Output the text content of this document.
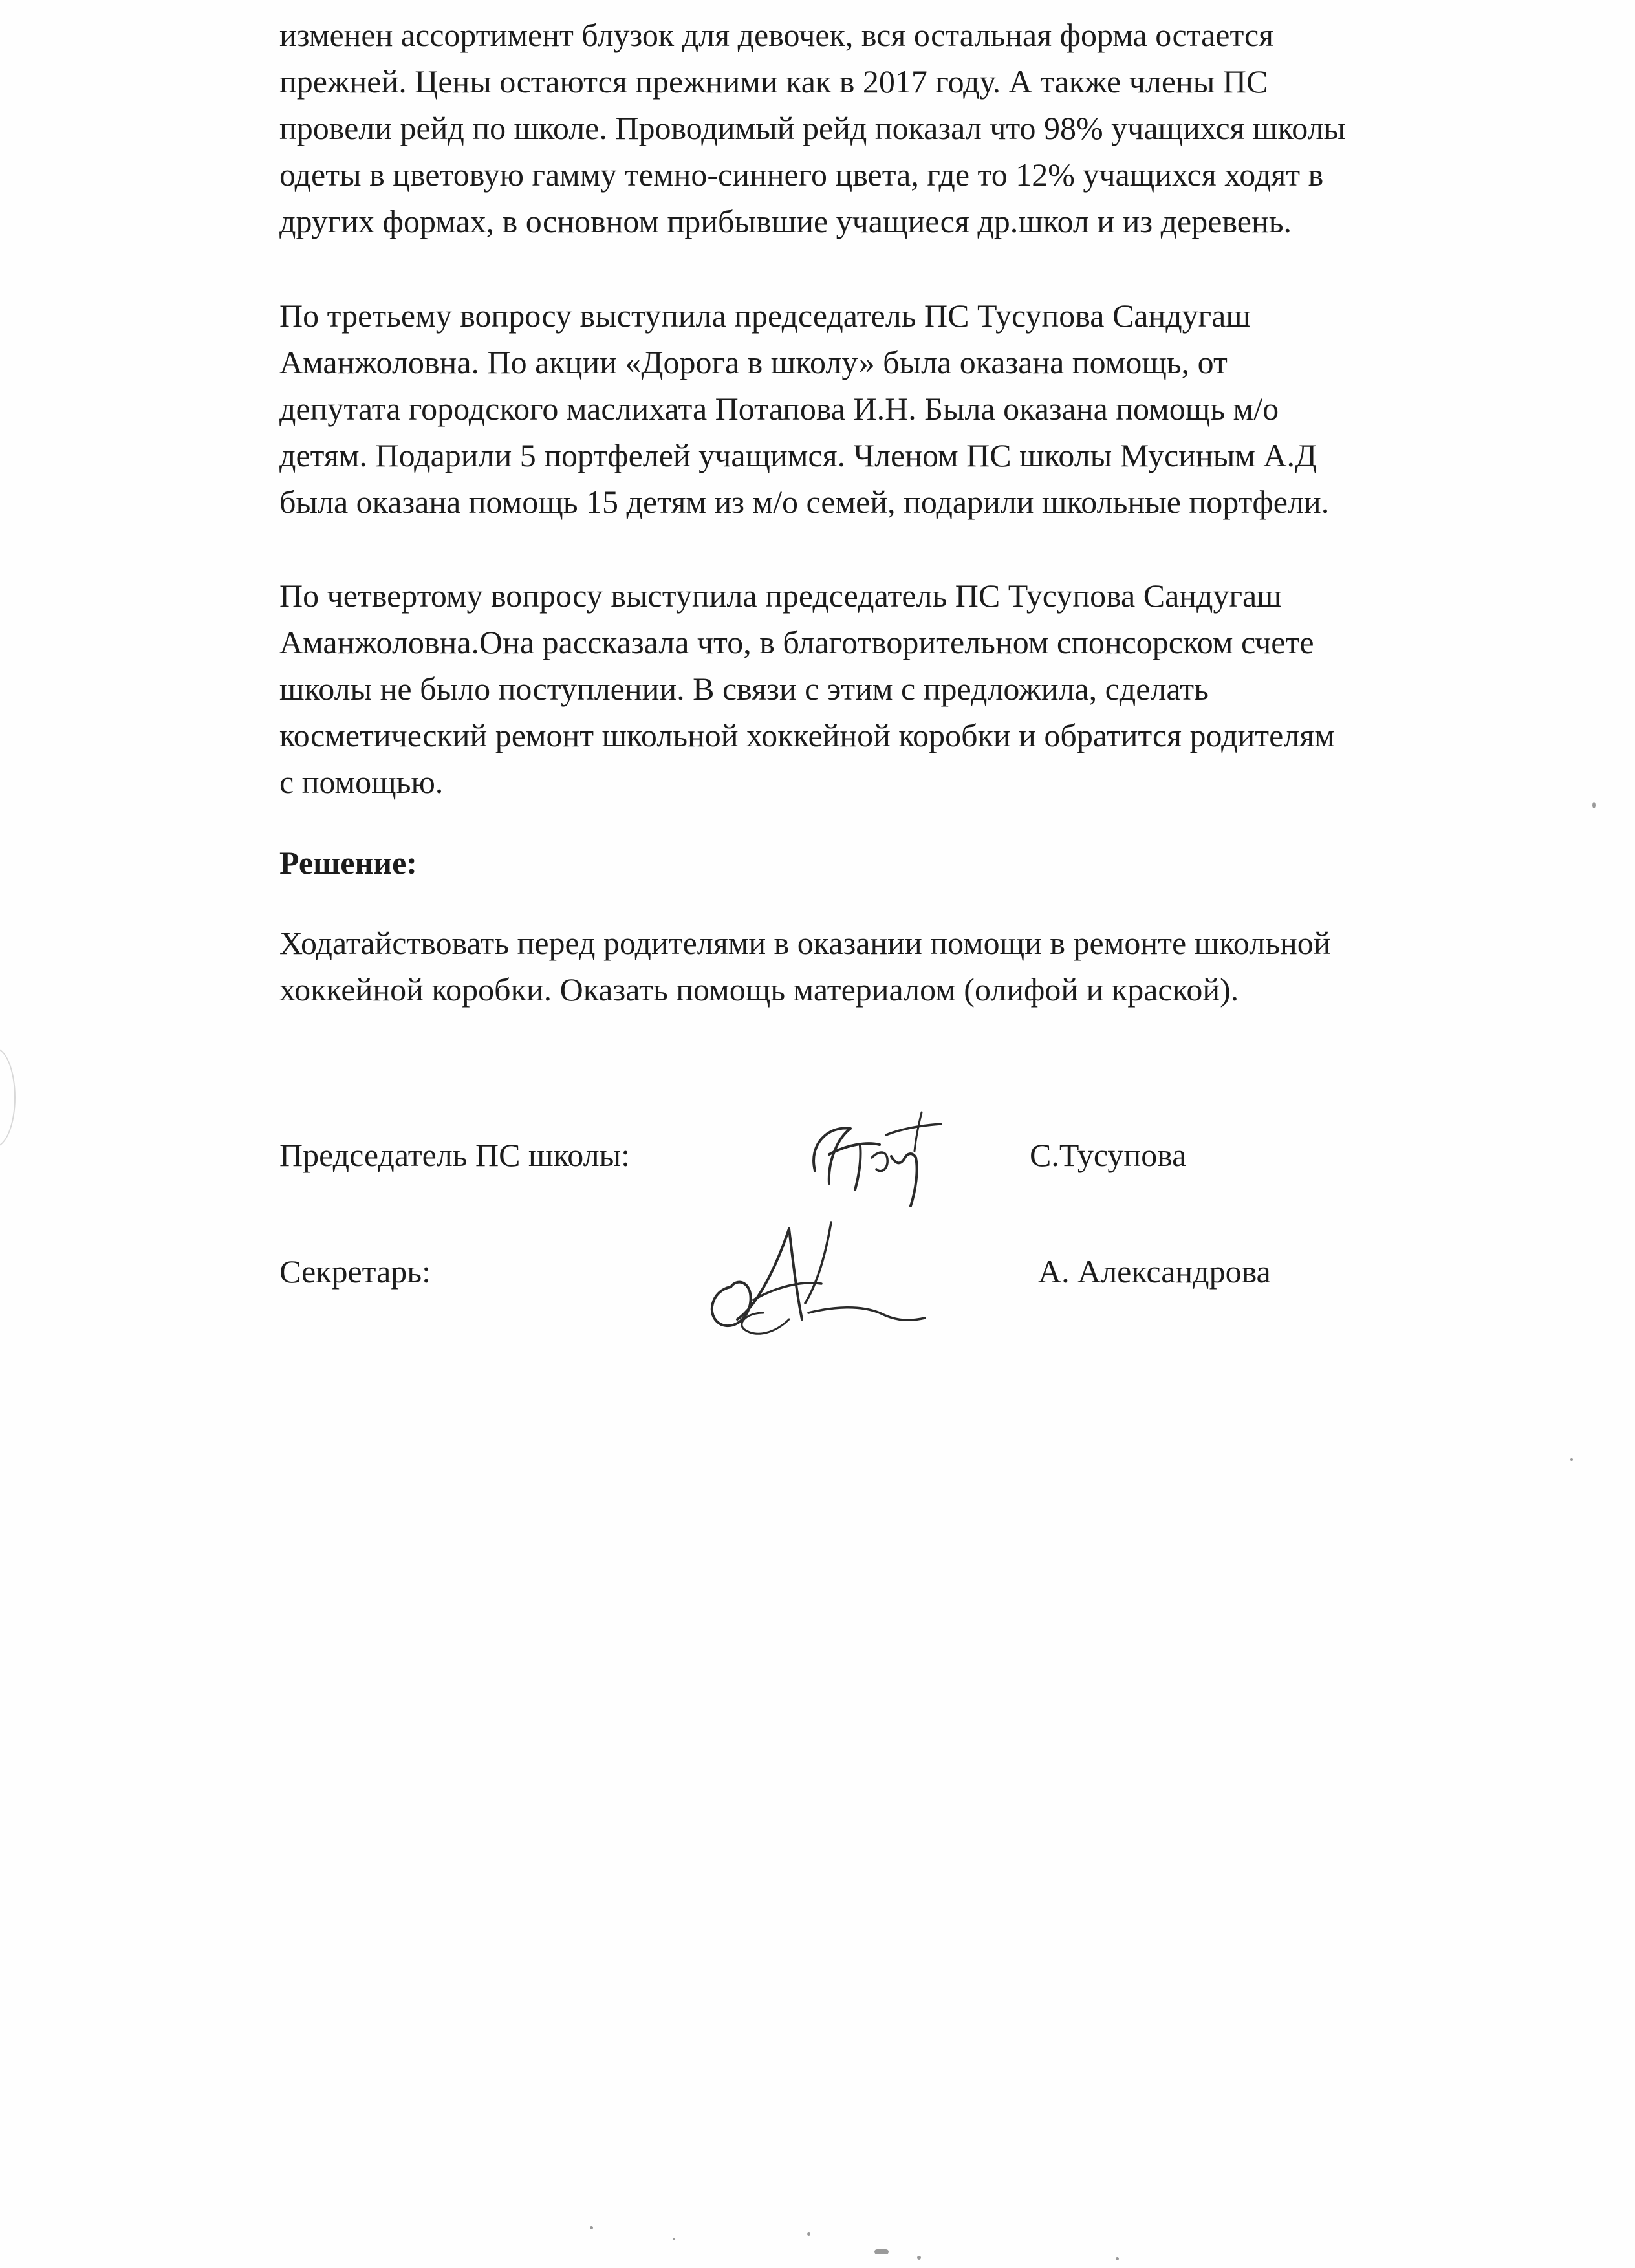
изменен ассортимент блузок для девочек, вся остальная форма остается
прежней. Цены остаются прежними как в 2017 году. А также члены ПС
провели рейд по школе. Проводимый рейд показал что 98% учащихся школы
одеты в цветовую гамму темно-синнего цвета, где то 12% учащихся ходят в
других формах, в основном прибывшие учащиеся др.школ и из деревень.

По третьему вопросу выступила председатель ПС Тусупова Сандугаш
Аманжоловна. По акции «Дорога в школу» была оказана помощь, от
депутата городского маслихата Потапова И.Н. Была оказана помощь м/о
детям. Подарили 5 портфелей учащимся. Членом ПС школы Мусиным А.Д
была оказана помощь 15 детям из м/о семей, подарили школьные портфели.

По четвертому вопросу выступила председатель ПС Тусупова Сандугаш
Аманжоловна.Она рассказала что, в благотворительном спонсорском счете
школы не было поступлении. В связи с этим с предложила, сделать
косметический ремонт школьной хоккейной коробки и обратится родителям
с помощью.

Решение:

Ходатайствовать перед родителями в оказании помощи в ремонте школьной
хоккейной коробки. Оказать помощь материалом (олифой и краской).

Председатель ПС школы:	С.Тусупова
Секретарь:	А. Александрова
